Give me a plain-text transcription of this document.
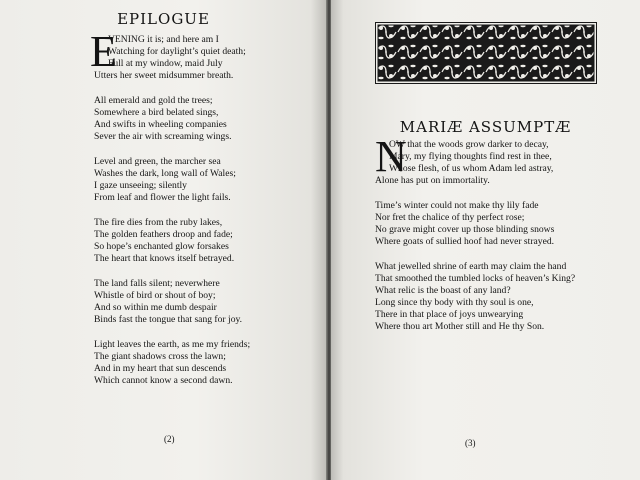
EPILOGUE
E
VENING it is; and here am I
Watching for daylight’s quiet death;
Full at my window, maid July
Utters her sweet midsummer breath.
All emerald and gold the trees;
Somewhere a bird belated sings,
And swifts in wheeling companies
Sever the air with screaming wings.
Level and green, the marcher sea
Washes the dark, long wall of Wales;
I gaze unseeing; silently
From leaf and flower the light fails.
The fire dies from the ruby lakes,
The golden feathers droop and fade;
So hope’s enchanted glow forsakes
The heart that knows itself betrayed.
The land falls silent; neverwhere
Whistle of bird or shout of boy;
And so within me dumb despair
Binds fast the tongue that sang for joy.
Light leaves the earth, as me my friends;
The giant shadows cross the lawn;
And in my heart that sun descends
Which cannot know a second dawn.
(2)
MARIÆ ASSUMPTÆ
N
OW that the woods grow darker to decay,
Mary, my flying thoughts find rest in thee,
Whose flesh, of us whom Adam led astray,
Alone has put on immortality.
Time’s winter could not make thy lily fade
Nor fret the chalice of thy perfect rose;
No grave might cover up those blinding snows
Where goats of sullied hoof had never strayed.
What jewelled shrine of earth may claim the hand
That smoothed the tumbled locks of heaven’s King?
What relic is the boast of any land?
Long since thy body with thy soul is one,
There in that place of joys unwearying
Where thou art Mother still and He thy Son.
(3)
